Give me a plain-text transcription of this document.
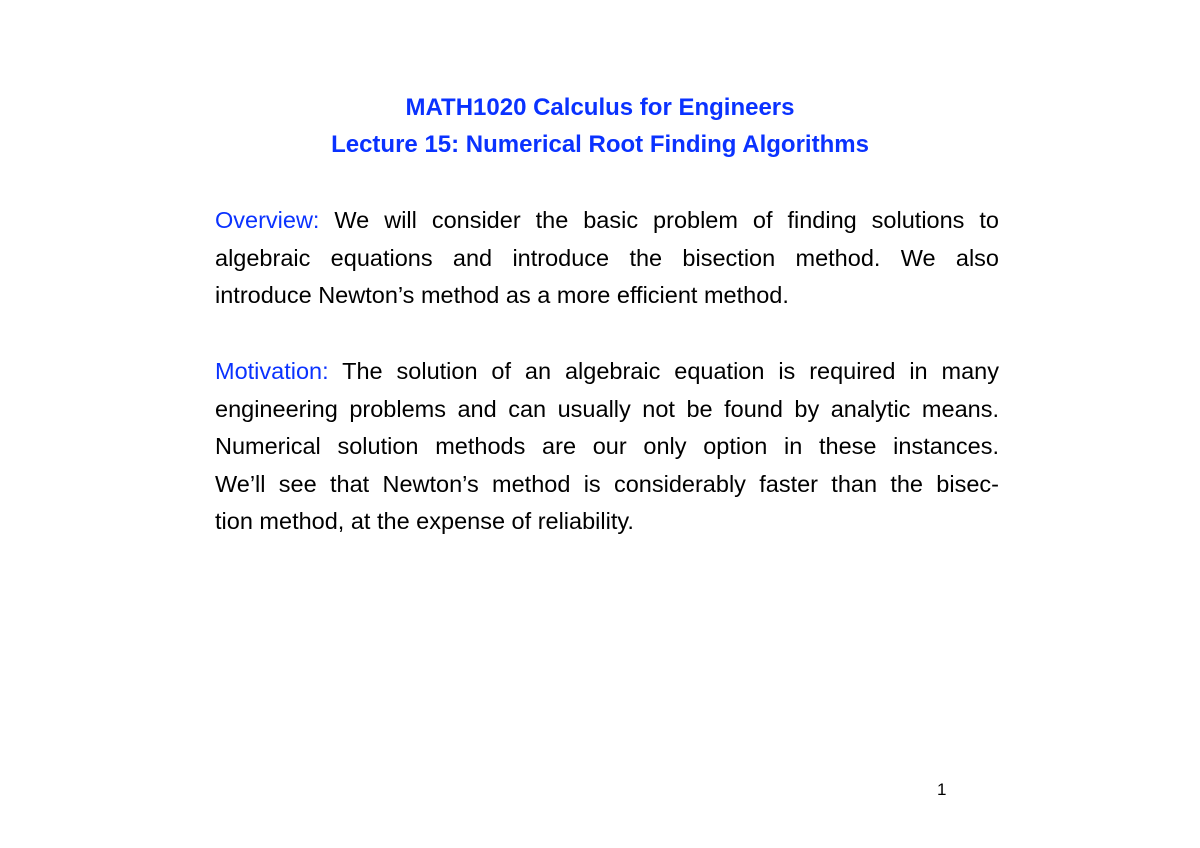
MATH1020 Calculus for Engineers
Lecture 15: Numerical Root Finding Algorithms
Overview: We will consider the basic problem of finding solutions to
algebraic equations and introduce the bisection method. We also
introduce Newton’s method as a more efficient method.
Motivation: The solution of an algebraic equation is required in many
engineering problems and can usually not be found by analytic means.
Numerical solution methods are our only option in these instances.
We’ll see that Newton’s method is considerably faster than the bisec-
tion method, at the expense of reliability.
1
